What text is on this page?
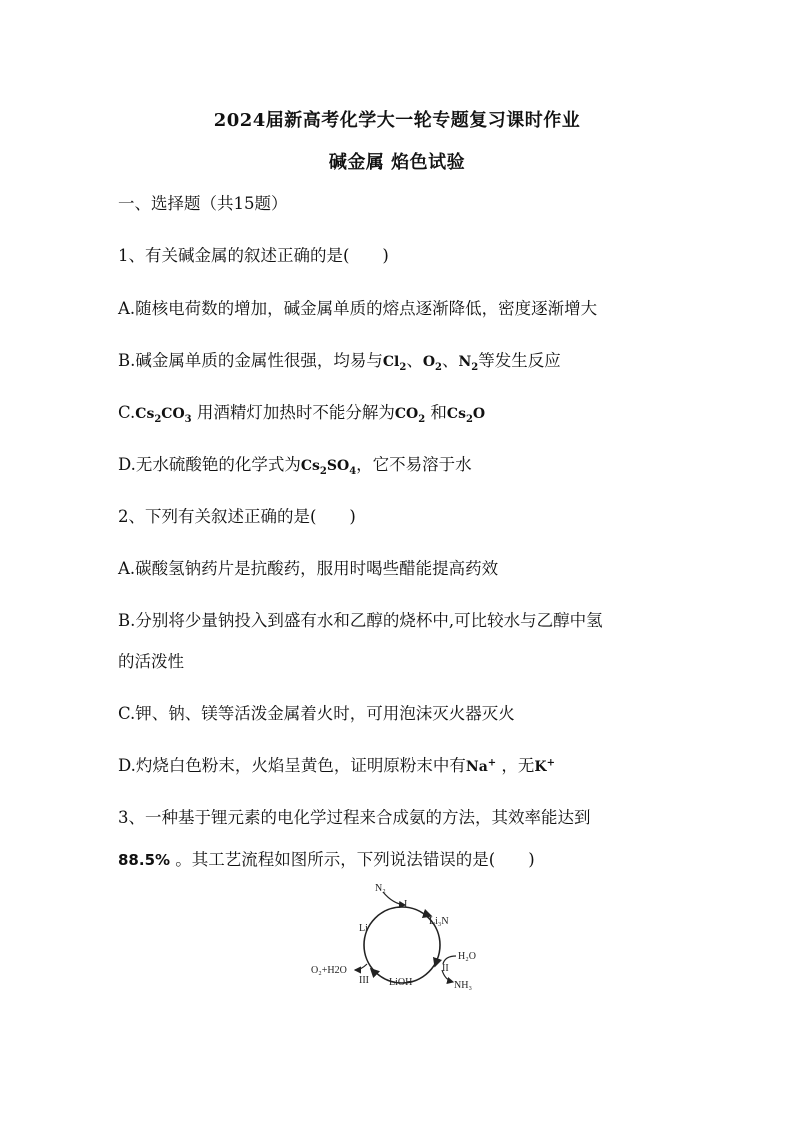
2024届新高考化学大一轮专题复习课时作业
碱金属 焰色试验
一、选择题（共15题）
1、有关碱金属的叙述正确的是(　　)
A.随核电荷数的增加，碱金属单质的熔点逐渐降低，密度逐渐增大
B.碱金属单质的金属性很强，均易与$Cl_2$、$O_2$、$N_2$等发生反应
$C.Cs_2CO_3$ 用酒精灯加热时不能分解为$CO_2$ 和$Cs_2O$
D.无水硫酸铯的化学式为$Cs_2SO_4$，它不易溶于水
2、下列有关叙述正确的是(　　)
A.碳酸氢钠药片是抗酸药，服用时喝些醋能提高药效
B.分别将少量钠投入到盛有水和乙醇的烧杯中,可比较水与乙醇中氢
的活泼性
C.钾、钠、镁等活泼金属着火时，可用泡沫灭火器灭火
D.灼烧白色粉末，火焰呈黄色，证明原粉末中有Na+ ，无K+
3、一种基于锂元素的电化学过程来合成氨的方法，其效率能达到
88.5% 。其工艺流程如图所示，下列说法错误的是(　　)
N₂
I
Li₃N
Li
H₂O
II
NH₃
LiOH
III
O₂+H2O
